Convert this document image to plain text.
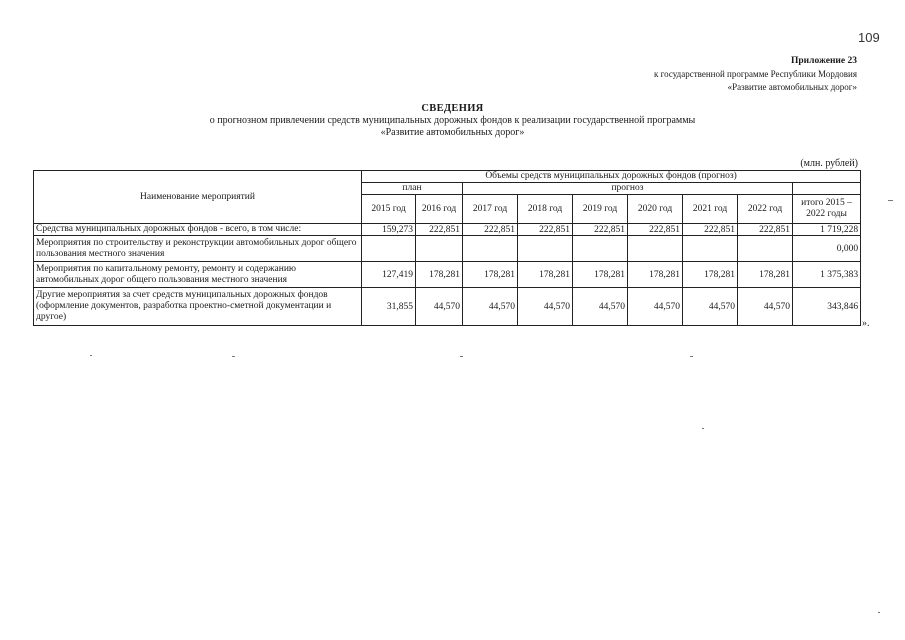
109
Приложение 23
к государственной программе Республики Мордовия
«Развитие автомобильных дорог»
СВЕДЕНИЯ
о прогнозном привлечении средств муниципальных дорожных фондов к реализации государственной программы
«Развитие автомобильных дорог»
(млн. рублей)
Наименование мероприятий	Объемы средств муниципальных дорожных фондов (прогноз)								
	план		прогноз						
	2015 год	2016 год	2017 год	2018 год	2019 год	2020 год	2021 год	2022 год	итого 2015 – 2022 годы
Средства муниципальных дорожных фондов - всего, в том числе:	159,273	222,851	222,851	222,851	222,851	222,851	222,851	222,851	1 719,228
Мероприятия по строительству и реконструкции автомобильных дорог общего пользования местного значения									0,000
Мероприятия по капитальному ремонту, ремонту и содержанию автомобильных дорог общего пользования местного значения	127,419	178,281	178,281	178,281	178,281	178,281	178,281	178,281	1 375,383
Другие мероприятия за счет средств муниципальных дорожных фондов (оформление документов, разработка проектно-сметной документации и другое)	31,855	44,570	44,570	44,570	44,570	44,570	44,570	44,570	343,846
».
